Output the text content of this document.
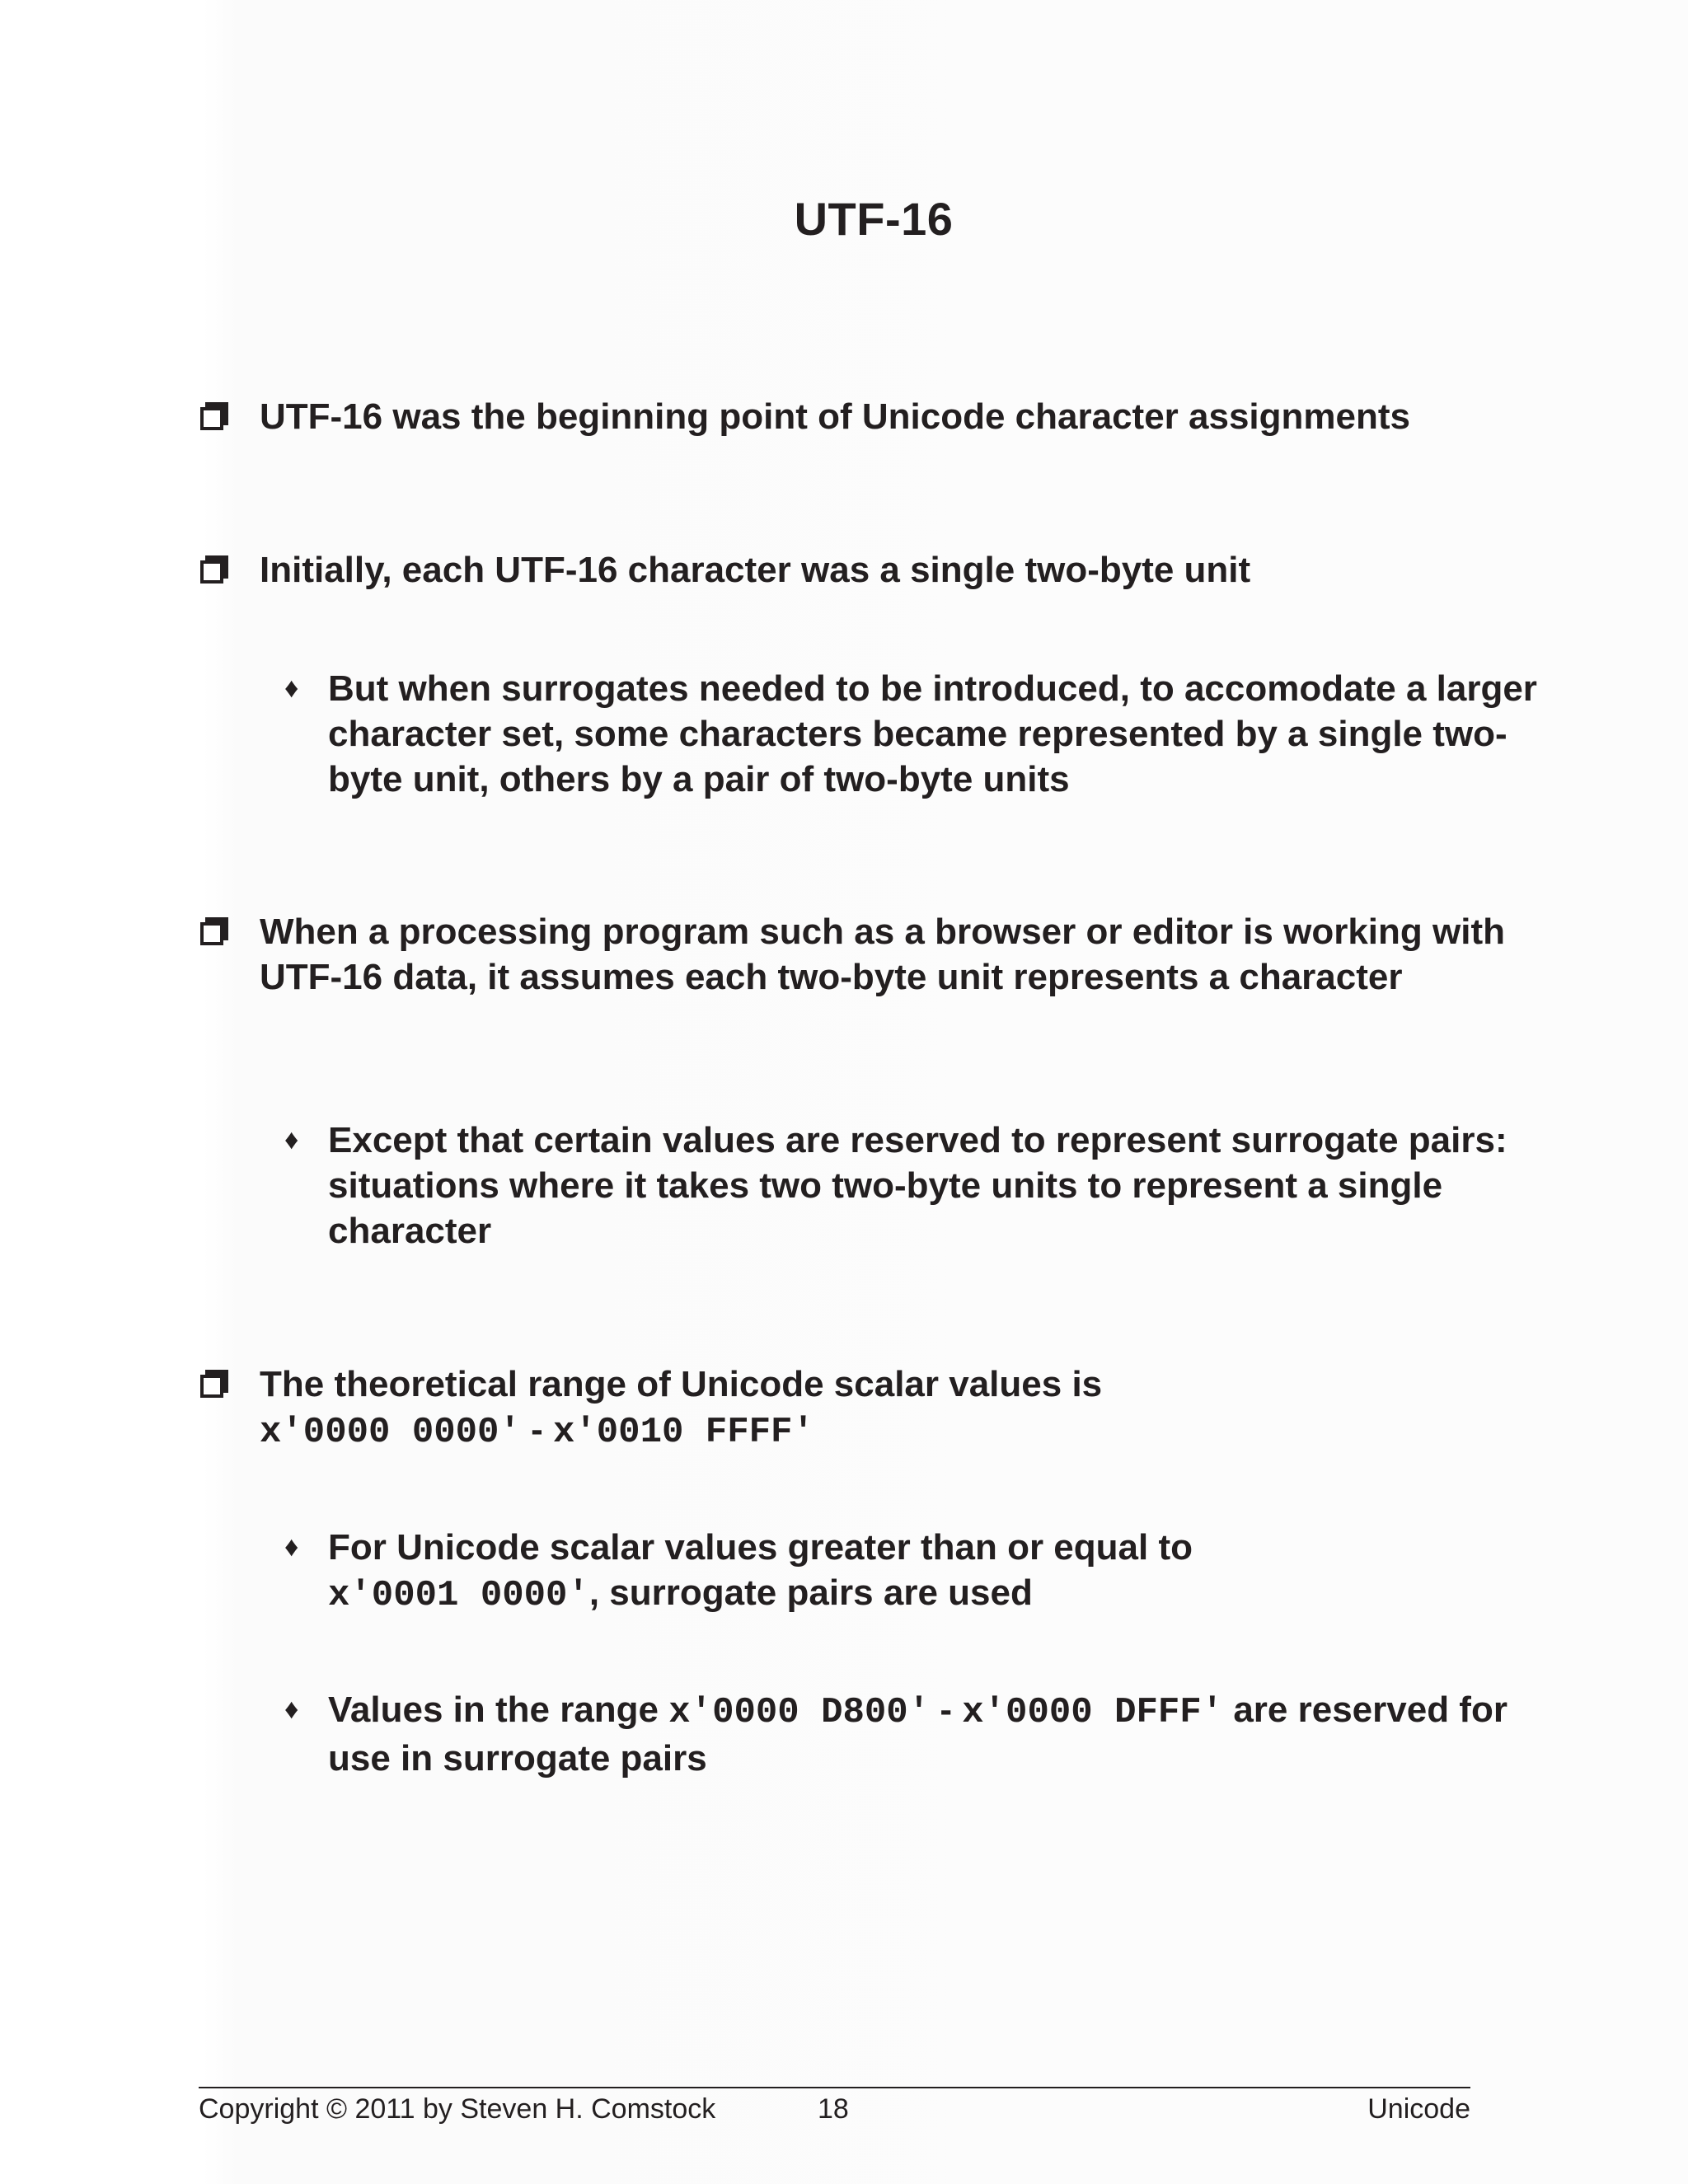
UTF-16
UTF-16 was the beginning point of Unicode character assignments
Initially, each UTF-16 character was a single two-byte unit
♦ But when surrogates needed to be introduced, to accomodate a larger character set, some characters became represented by a single two-byte unit, others by a pair of two-byte units
When a processing program such as a browser or editor is working with UTF-16 data, it assumes each two-byte unit represents a character
♦ Except that certain values are reserved to represent surrogate pairs: situations where it takes two two-byte units to represent a single character
The theoretical range of Unicode scalar values is
x'0000 0000' - x'0010 FFFF'
♦ For Unicode scalar values greater than or equal to
x'0001 0000', surrogate pairs are used
♦ Values in the range x'0000 D800' - x'0000 DFFF' are reserved for use in surrogate pairs
Copyright © 2011 by Steven H. Comstock	18	Unicode
